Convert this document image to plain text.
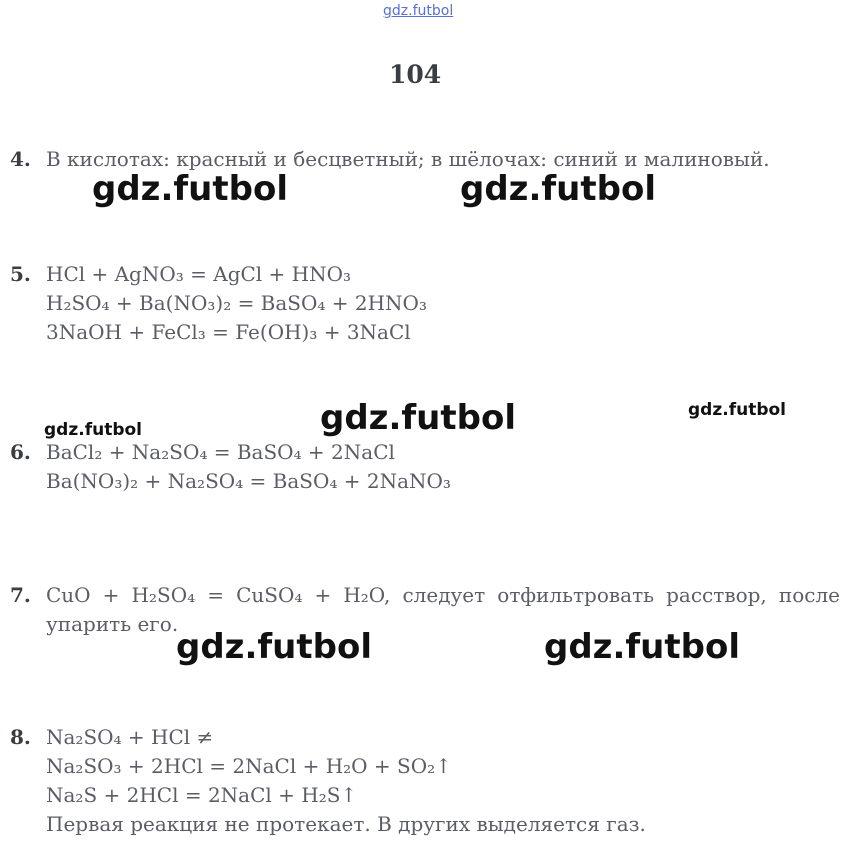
gdz.futbol
gdz.futbol	gdz.futbol
gdz.futbol	gdz.futbol	gdz.futbol
gdz.futbol	gdz.futbol
104
4. В кислотах: красный и бесцветный; в шёлочах: синий и малиновый.
5. HCl + AgNO₃ = AgCl + HNO₃
H₂SO₄ + Ba(NO₃)₂ = BaSO₄ + 2HNO₃
3NaOH + FeCl₃ = Fe(OH)₃ + 3NaCl
6. BaCl₂ + Na₂SO₄ = BaSO₄ + 2NaCl
Ba(NO₃)₂ + Na₂SO₄ = BaSO₄ + 2NaNO₃
7. CuO + H₂SO₄ = CuSO₄ + H₂O, следует отфильтровать расствор, после
упарить его.
8. Na₂SO₄ + HCl ≠
Na₂SO₃ + 2HCl = 2NaCl + H₂O + SO₂↑
Na₂S + 2HCl = 2NaCl + H₂S↑
Первая реакция не протекает. В других выделяется газ.
